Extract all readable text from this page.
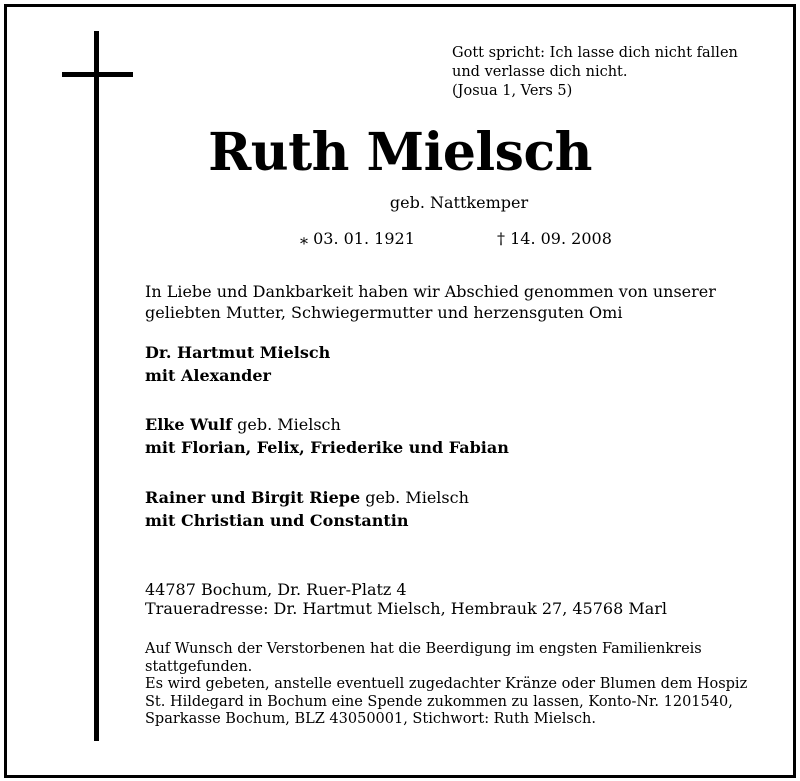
Gott spricht: Ich lasse dich nicht fallen
und verlasse dich nicht.
(Josua 1, Vers 5)
Ruth Mielsch
geb. Nattkemper
⁎ 03. 01. 1921	† 14. 09. 2008
In Liebe und Dankbarkeit haben wir Abschied genommen von unserer
geliebten Mutter, Schwiegermutter und herzensguten Omi
Dr. Hartmut Mielsch
mit Alexander
Elke Wulf geb. Mielsch
mit Florian, Felix, Friederike und Fabian
Rainer und Birgit Riepe geb. Mielsch
mit Christian und Constantin
44787 Bochum, Dr. Ruer-Platz 4
Traueradresse: Dr. Hartmut Mielsch, Hembrauk 27, 45768 Marl
Auf Wunsch der Verstorbenen hat die Beerdigung im engsten Familienkreis
stattgefunden.
Es wird gebeten, anstelle eventuell zugedachter Kränze oder Blumen dem Hospiz
St. Hildegard in Bochum eine Spende zukommen zu lassen, Konto-Nr. 1201540,
Sparkasse Bochum, BLZ 43050001, Stichwort: Ruth Mielsch.
